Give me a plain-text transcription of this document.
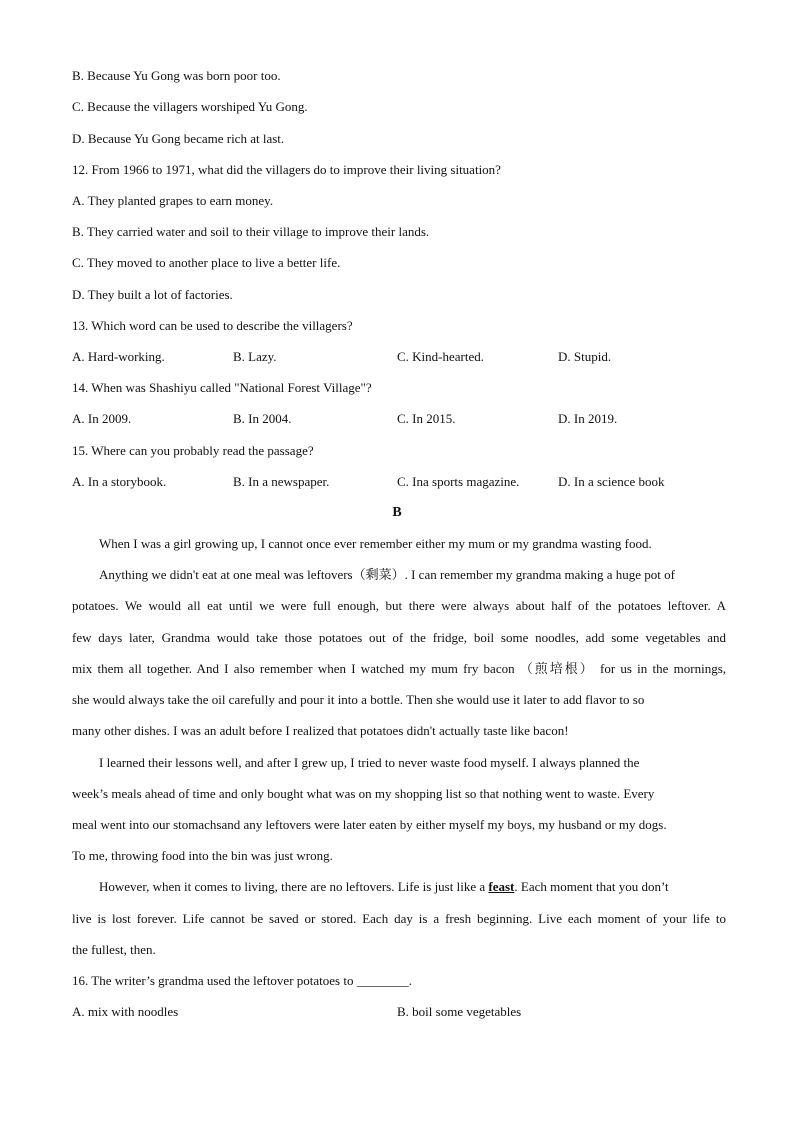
B. Because Yu Gong was born poor too.
C. Because the villagers worshiped Yu Gong.
D. Because Yu Gong became rich at last.
12. From 1966 to 1971, what did the villagers do to improve their living situation?
A. They planted grapes to earn money.
B. They carried water and soil to their village to improve their lands.
C. They moved to another place to live a better life.
D. They built a lot of factories.
13. Which word can be used to describe the villagers?
A. Hard-working.	B. Lazy.	C. Kind-hearted.	D. Stupid.
14. When was Shashiyu called "National Forest Village"?
A. In 2009.	B. In 2004.	C. In 2015.	D. In 2019.
15. Where can you probably read the passage?
A. In a storybook.	B. In a newspaper.	C. Ina sports magazine.	D. In a science book
B
When I was a girl growing up, I cannot once ever remember either my mum or my grandma wasting food.
Anything we didn't eat at one meal was leftovers（剩菜）. I can remember my grandma making a huge pot of
potatoes. We would all eat until we were full enough, but there were always about half of the potatoes leftover. A
few days later, Grandma would take those potatoes out of the fridge, boil some noodles, add some vegetables and
mix them all together. And I also remember when I watched my mum fry bacon （煎培根） for us in the mornings,
she would always take the oil carefully and pour it into a bottle. Then she would use it later to add flavor to so
many other dishes. I was an adult before I realized that potatoes didn't actually taste like bacon!
I learned their lessons well, and after I grew up, I tried to never waste food myself. I always planned the
week’s meals ahead of time and only bought what was on my shopping list so that nothing went to waste. Every
meal went into our stomachsand any leftovers were later eaten by either myself my boys, my husband or my dogs.
To me, throwing food into the bin was just wrong.
However, when it comes to living, there are no leftovers. Life is just like a feast. Each moment that you don’t
live is lost forever. Life cannot be saved or stored. Each day is a fresh beginning. Live each moment of your life to
the fullest, then.
16. The writer’s grandma used the leftover potatoes to ________.
A. mix with noodles	B. boil some vegetables
